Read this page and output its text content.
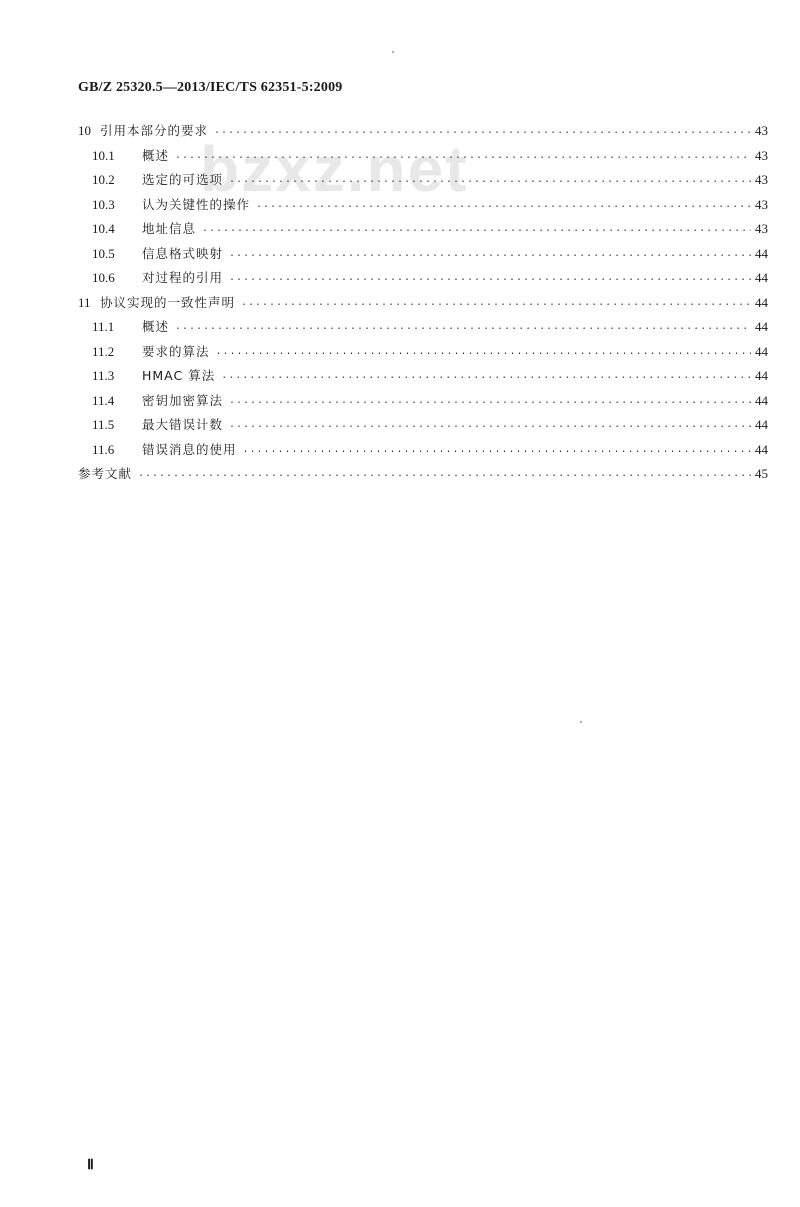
GB/Z 25320.5—2013/IEC/TS 62351-5:2009
bzxz.net
10 引用本部分的要求 ·····	43
10.1	概述 ·····	43
10.2	选定的可选项 ·····	43
10.3	认为关键性的操作 ·····	43
10.4	地址信息 ·····	43
10.5	信息格式映射 ·····	44
10.6	对过程的引用 ·····	44
11 协议实现的一致性声明 ·····	44
11.1	概述 ·····	44
11.2	要求的算法 ·····	44
11.3	HMAC 算法 ·····	44
11.4	密钥加密算法 ·····	44
11.5	最大错误计数 ·····	44
11.6	错误消息的使用 ·····	44
参考文献 ·····	45
Ⅱ
